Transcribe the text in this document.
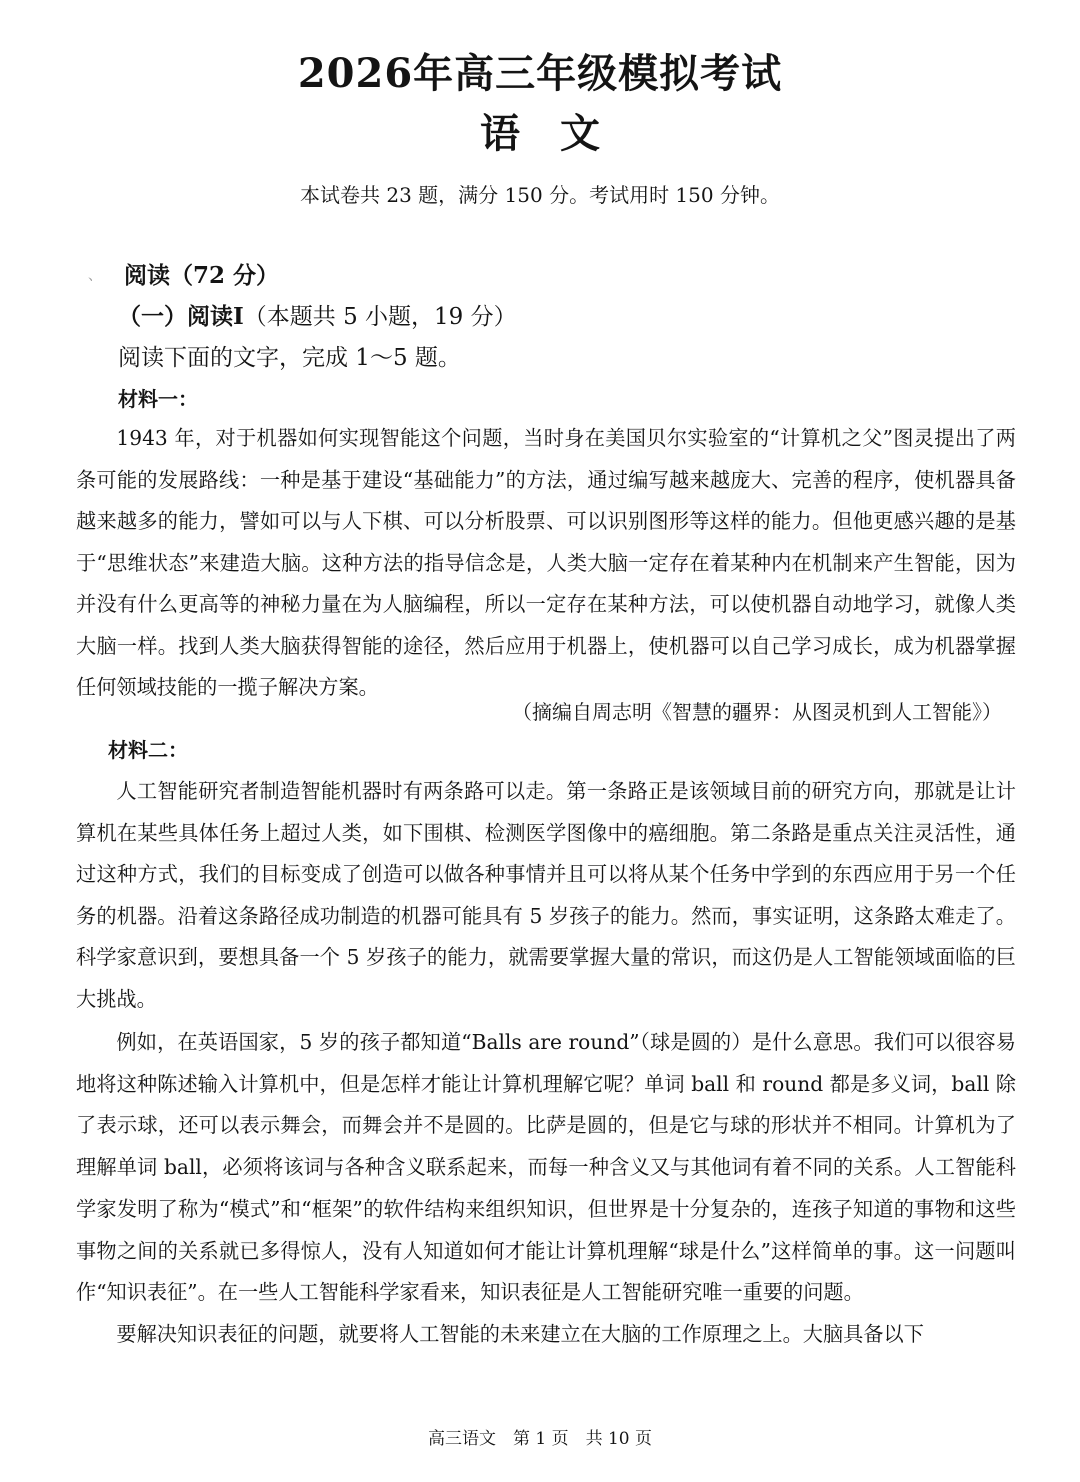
2026年高三年级模拟考试
语　文
本试卷共 23 题，满分 150 分。考试用时 150 分钟。
、 阅读（72 分）
（一）阅读Ⅰ（本题共 5 小题，19 分）
阅读下面的文字，完成 1～5 题。
材料一：

1943 年，对于机器如何实现智能这个问题，当时身在美国贝尔实验室的“计算机之父”图灵提出了两条可能的发展路线：一种是基于建设“基础能力”的方法，通过编写越来越庞大、完善的程序，使机器具备越来越多的能力，譬如可以与人下棋、可以分析股票、可以识别图形等这样的能力。但他更感兴趣的是基于“思维状态”来建造大脑。这种方法的指导信念是，人类大脑一定存在着某种内在机制来产生智能，因为并没有什么更高等的神秘力量在为人脑编程，所以一定存在某种方法，可以使机器自动地学习，就像人类大脑一样。找到人类大脑获得智能的途径，然后应用于机器上，使机器可以自己学习成长，成为机器掌握任何领域技能的一揽子解决方案。

（摘编自周志明《智慧的疆界：从图灵机到人工智能》）
材料二：

人工智能研究者制造智能机器时有两条路可以走。第一条路正是该领域目前的研究方向，那就是让计算机在某些具体任务上超过人类，如下围棋、检测医学图像中的癌细胞。第二条路是重点关注灵活性，通过这种方式，我们的目标变成了创造可以做各种事情并且可以将从某个任务中学到的东西应用于另一个任务的机器。沿着这条路径成功制造的机器可能具有 5 岁孩子的能力。然而，事实证明，这条路太难走了。科学家意识到，要想具备一个 5 岁孩子的能力，就需要掌握大量的常识，而这仍是人工智能领域面临的巨大挑战。

例如，在英语国家，5 岁的孩子都知道“Balls are round”（球是圆的）是什么意思。我们可以很容易地将这种陈述输入计算机中，但是怎样才能让计算机理解它呢？单词 ball 和 round 都是多义词，ball 除了表示球，还可以表示舞会，而舞会并不是圆的。比萨是圆的，但是它与球的形状并不相同。计算机为了理解单词 ball，必须将该词与各种含义联系起来，而每一种含义又与其他词有着不同的关系。人工智能科学家发明了称为“模式”和“框架”的软件结构来组织知识，但世界是十分复杂的，连孩子知道的事物和这些事物之间的关系就已多得惊人，没有人知道如何才能让计算机理解“球是什么”这样简单的事。这一问题叫作“知识表征”。在一些人工智能科学家看来，知识表征是人工智能研究唯一重要的问题。

要解决知识表征的问题，就要将人工智能的未来建立在大脑的工作原理之上。大脑具备以下

高三语文　第 1 页　共 10 页
